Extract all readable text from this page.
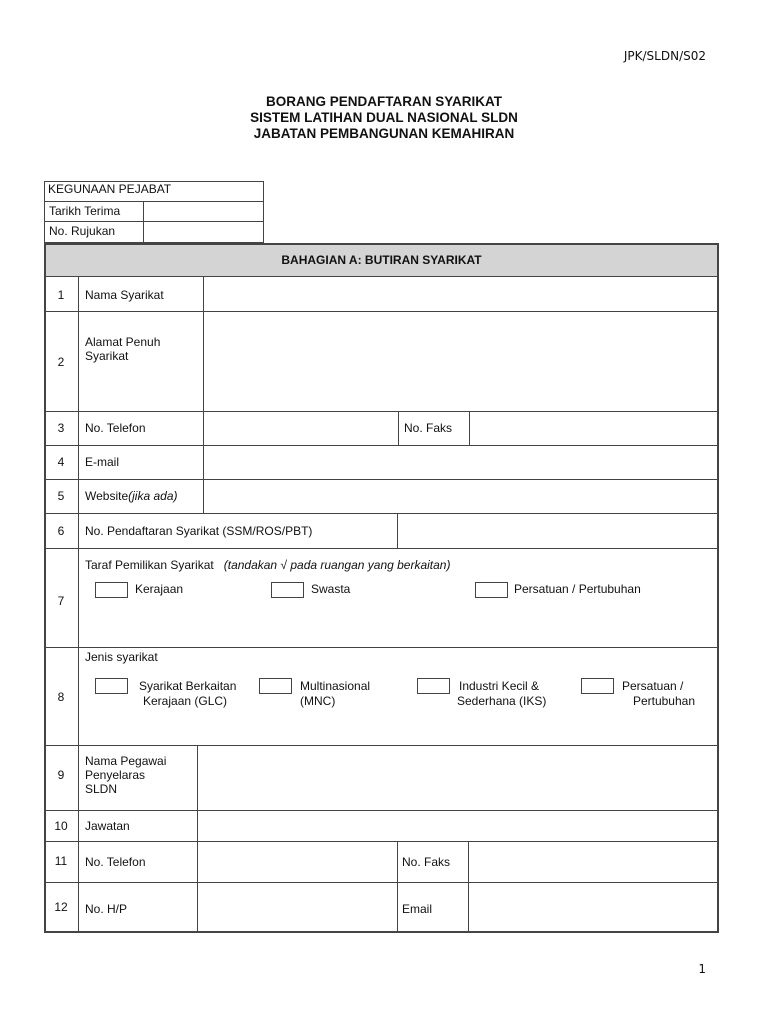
JPK/SLDN/S02
BORANG PENDAFTARAN SYARIKAT
SISTEM LATIHAN DUAL NASIONAL SLDN
JABATAN PEMBANGUNAN KEMAHIRAN
KEGUNAAN PEJABAT
Tarikh Terima
No. Rujukan
BAHAGIAN A: BUTIRAN SYARIKAT
1	Nama Syarikat
2
Alamat Penuh Syarikat
3	No. Telefon	No. Faks
4	E-mail
5	Website(jika ada)
6	No. Pendaftaran Syarikat (SSM/ROS/PBT)
7
Taraf Pemilikan Syarikat (tandakan √ pada ruangan yang berkaitan)
Kerajaan	Swasta	Persatuan / Pertubuhan
8
Jenis syarikat
Syarikat Berkaitan
Kerajaan (GLC)
Multinasional
(MNC)
Industri Kecil &
Sederhana (IKS)
Persatuan /
Pertubuhan
9
Nama Pegawai
Penyelaras
SLDN
10	Jawatan
11	No. Telefon	No. Faks
12	No. H/P	Email
1
